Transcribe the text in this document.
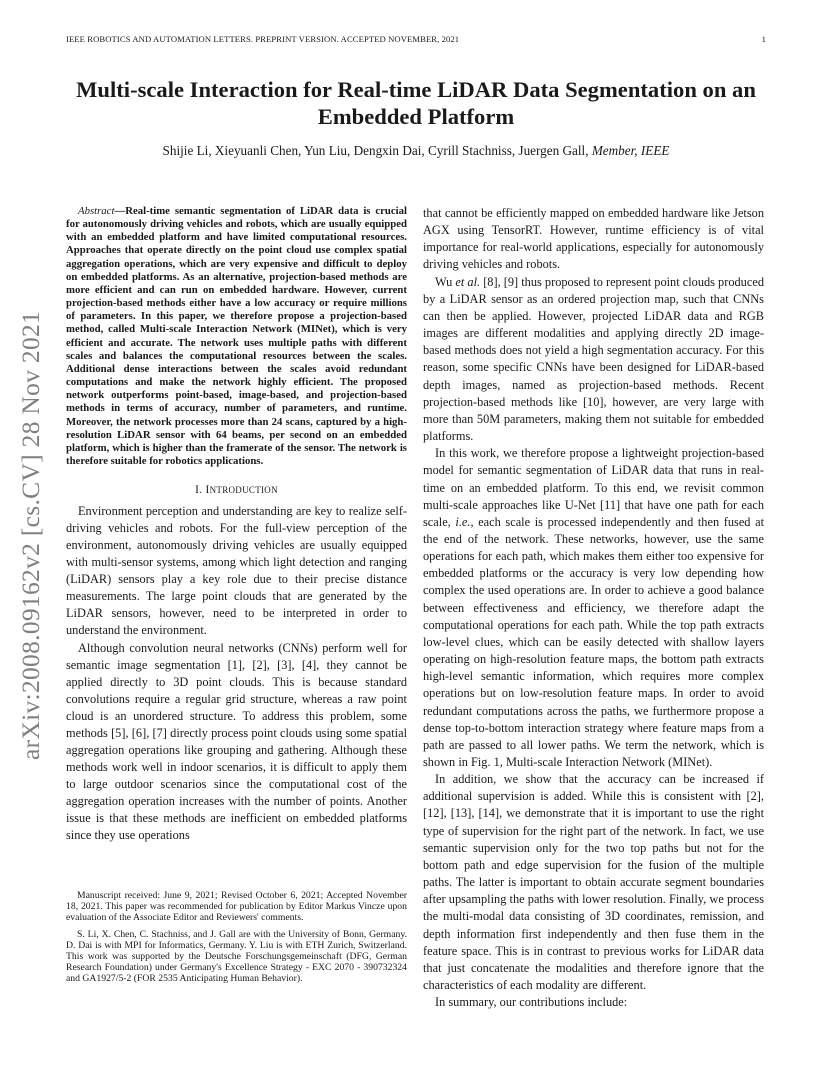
IEEE ROBOTICS AND AUTOMATION LETTERS. PREPRINT VERSION. ACCEPTED NOVEMBER, 2021	1
arXiv:2008.09162v2 [cs.CV] 28 Nov 2021
Multi-scale Interaction for Real-time LiDAR Data Segmentation on an Embedded Platform
Shijie Li, Xieyuanli Chen, Yun Liu, Dengxin Dai, Cyrill Stachniss, Juergen Gall, Member, IEEE

Abstract—Real-time semantic segmentation of LiDAR data is crucial for autonomously driving vehicles and robots, which are usually equipped with an embedded platform and have limited computational resources. Approaches that operate directly on the point cloud use complex spatial aggregation operations, which are very expensive and difficult to deploy on embedded platforms. As an alternative, projection-based methods are more efficient and can run on embedded hardware. However, current projection-based methods either have a low accuracy or require millions of parameters. In this paper, we therefore propose a projection-based method, called Multi-scale Interaction Network (MINet), which is very efficient and accurate. The network uses multiple paths with different scales and balances the computational resources between the scales. Additional dense interactions between the scales avoid redundant computations and make the network highly efficient. The proposed network outperforms point-based, image-based, and projection-based methods in terms of accuracy, number of parameters, and runtime. Moreover, the network processes more than 24 scans, captured by a high-resolution LiDAR sensor with 64 beams, per second on an embedded platform, which is higher than the framerate of the sensor. The network is therefore suitable for robotics applications.

I. INTRODUCTION

Environment perception and understanding are key to realize self-driving vehicles and robots. For the full-view perception of the environment, autonomously driving vehicles are usually equipped with multi-sensor systems, among which light detection and ranging (LiDAR) sensors play a key role due to their precise distance measurements. The large point clouds that are generated by the LiDAR sensors, however, need to be interpreted in order to understand the environment.

Although convolution neural networks (CNNs) perform well for semantic image segmentation [1], [2], [3], [4], they cannot be applied directly to 3D point clouds. This is because standard convolutions require a regular grid structure, whereas a raw point cloud is an unordered structure. To address this problem, some methods [5], [6], [7] directly process point clouds using some spatial aggregation operations like grouping and gathering. Although these methods work well in indoor scenarios, it is difficult to apply them to large outdoor scenarios since the computational cost of the aggregation operation increases with the number of points. Another issue is that these methods are inefficient on embedded platforms since they use operations

Manuscript received: June 9, 2021; Revised October 6, 2021; Accepted November 18, 2021. This paper was recommended for publication by Editor Markus Vincze upon evaluation of the Associate Editor and Reviewers' comments.

S. Li, X. Chen, C. Stachniss, and J. Gall are with the University of Bonn, Germany. D. Dai is with MPI for Informatics, Germany. Y. Liu is with ETH Zurich, Switzerland. This work was supported by the Deutsche Forschungsgemeinschaft (DFG, German Research Foundation) under Germany's Excellence Strategy - EXC 2070 - 390732324 and GA1927/5-2 (FOR 2535 Anticipating Human Behavior).

that cannot be efficiently mapped on embedded hardware like Jetson AGX using TensorRT. However, runtime efficiency is of vital importance for real-world applications, especially for autonomously driving vehicles and robots.

Wu et al. [8], [9] thus proposed to represent point clouds produced by a LiDAR sensor as an ordered projection map, such that CNNs can then be applied. However, projected LiDAR data and RGB images are different modalities and applying directly 2D image-based methods does not yield a high segmentation accuracy. For this reason, some specific CNNs have been designed for LiDAR-based depth images, named as projection-based methods. Recent projection-based methods like [10], however, are very large with more than 50M parameters, making them not suitable for embedded platforms.

In this work, we therefore propose a lightweight projection-based model for semantic segmentation of LiDAR data that runs in real-time on an embedded platform. To this end, we revisit common multi-scale approaches like U-Net [11] that have one path for each scale, i.e., each scale is processed independently and then fused at the end of the network. These networks, however, use the same operations for each path, which makes them either too expensive for embedded platforms or the accuracy is very low depending how complex the used operations are. In order to achieve a good balance between effectiveness and efficiency, we therefore adapt the computational operations for each path. While the top path extracts low-level clues, which can be easily detected with shallow layers operating on high-resolution feature maps, the bottom path extracts high-level semantic information, which requires more complex operations but on low-resolution feature maps. In order to avoid redundant computations across the paths, we furthermore propose a dense top-to-bottom interaction strategy where feature maps from a path are passed to all lower paths. We term the network, which is shown in Fig. 1, Multi-scale Interaction Network (MINet).

In addition, we show that the accuracy can be increased if additional supervision is added. While this is consistent with [2], [12], [13], [14], we demonstrate that it is important to use the right type of supervision for the right part of the network. In fact, we use semantic supervision only for the two top paths but not for the bottom path and edge supervision for the fusion of the multiple paths. The latter is important to obtain accurate segment boundaries after upsampling the paths with lower resolution. Finally, we process the multi-modal data consisting of 3D coordinates, remission, and depth information first independently and then fuse them in the feature space. This is in contrast to previous works for LiDAR data that just concatenate the modalities and therefore ignore that the characteristics of each modality are different.

In summary, our contributions include:
